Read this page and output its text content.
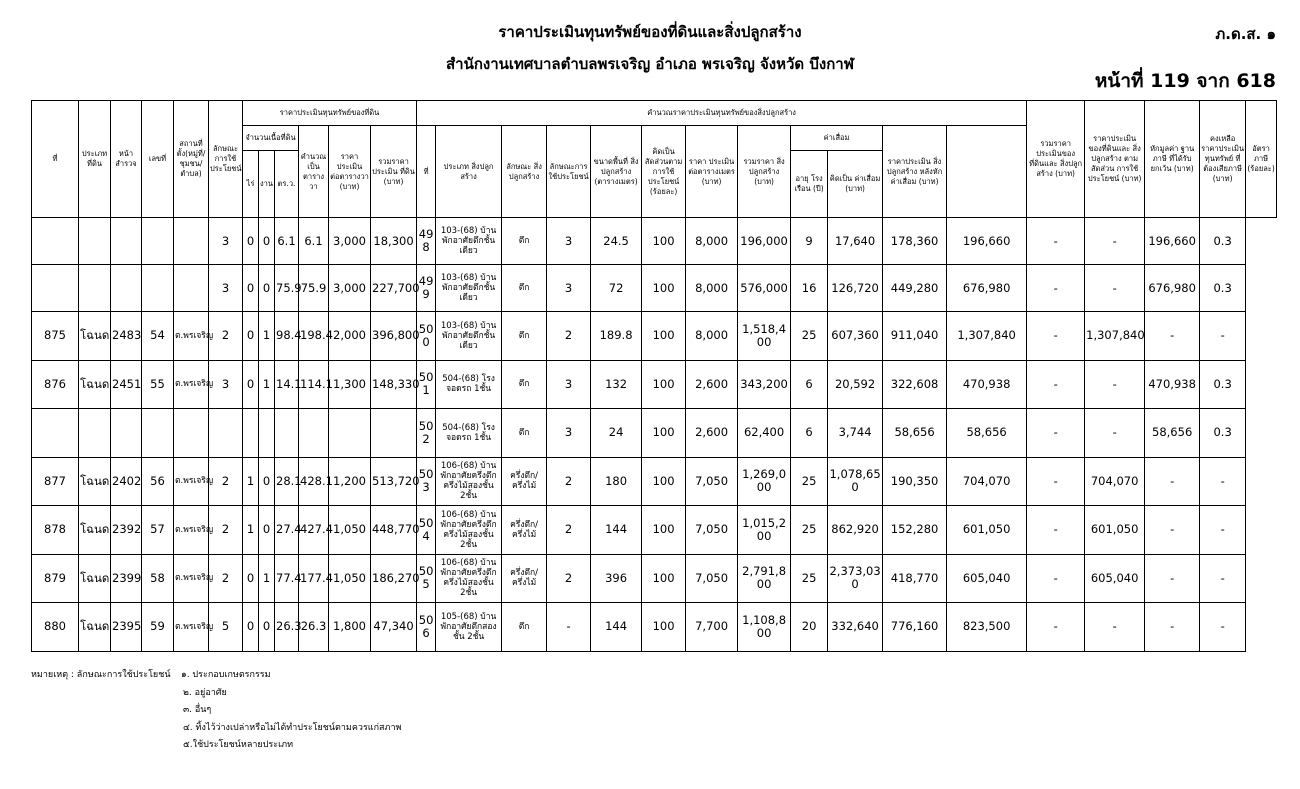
ราคาประเมินทุนทรัพย์ของที่ดินและสิ่งปลูกสร้าง
สำนักงานเทศบาลตำบลพรเจริญ อำเภอ พรเจริญ จังหวัด บึงกาฬ
ภ.ด.ส. ๑
หน้าที่ 119 จาก 618
ที่	ประเภท ที่ดิน	หน้า สำรวจ	เลขที่	สถานที่ตั้ง(หมู่ที่/ชุมชน/ตำบล)	ลักษณะ การใช้ ประโยชน์	ราคาประเมินทุนทรัพย์ของที่ดิน						คำนวณราคาประเมินทุนทรัพย์ของสิ่งปลูกสร้าง												รวมราคา ประเมินของ ที่ดินและ สิ่งปลูกสร้าง (บาท)	ราคาประเมิน ของที่ดินและ สิ่งปลูกสร้าง ตามสัดส่วน การใช้ประโยชน์ (บาท)	หักมูลค่า ฐานภาษี ที่ได้รับ ยกเว้น (บาท)	คงเหลือ ราคาประเมิน ทุนทรัพย์ ที่ต้องเสียภาษี (บาท)	อัตราภาษี (ร้อยละ)
						จำนวนเนื้อที่ดิน			คำนวณ เป็น ตารางวา	ราคา ประเมิน ต่อตารางวา (บาท)	รวมราคา ประเมิน ที่ดิน (บาท)	ที่	ประเภท สิ่งปลูกสร้าง	ลักษณะ สิ่งปลูกสร้าง	ลักษณะการ ใช้ประโยชน์	ขนาดพื้นที่ สิ่งปลูกสร้าง (ตารางเมตร)	คิดเป็น สัดส่วนตาม การใช้ ประโยชน์ (ร้อยละ)	ราคา ประเมิน ต่อตารางเมตร (บาท)	รวมราคา สิ่งปลูกสร้าง (บาท)	ค่าเสื่อม		ราคาประเมิน สิ่งปลูกสร้าง หลังหัก ค่าเสื่อม (บาท)						
						ไร่	งาน	ตร.ว.												อายุ โรงเรือน (ปี)	คิดเป็น ค่าเสื่อม (บาท)							
					3	0	0	6.1	6.1	3,000	18,300	498	103-(68) บ้านพักอาศัยตึกชั้นเดียว	ตึก	3	24.5	100	8,000	196,000	9	17,640	178,360	196,660	-	-	196,660	0.3	
					3	0	0	75.9	75.9	3,000	227,700	499	103-(68) บ้านพักอาศัยตึกชั้นเดียว	ตึก	3	72	100	8,000	576,000	16	126,720	449,280	676,980	-	-	676,980	0.3	
875	โฉนด	2483	54	ต.พรเจริญ	2	0	1	98.4	198.4	2,000	396,800	500	103-(68) บ้านพักอาศัยตึกชั้นเดียว	ตึก	2	189.8	100	8,000	1,518,400	25	607,360	911,040	1,307,840	-	1,307,840	-	-	
876	โฉนด	2451	55	ต.พรเจริญ	3	0	1	14.1	114.1	1,300	148,330	501	504-(68) โรงจอดรถ 1ชั้น	ตึก	3	132	100	2,600	343,200	6	20,592	322,608	470,938	-	-	470,938	0.3	
												502	504-(68) โรงจอดรถ 1ชั้น	ตึก	3	24	100	2,600	62,400	6	3,744	58,656	58,656	-	-	58,656	0.3	
877	โฉนด	2402	56	ต.พรเจริญ	2	1	0	28.1	428.1	1,200	513,720	503	106-(68) บ้านพักอาศัยครึ่งตึกครึ่งไม้สองชั้น 2ชั้น	ครึ่งตึก/ครึ่งไม้	2	180	100	7,050	1,269,000	25	1,078,650	190,350	704,070	-	704,070	-	-	
878	โฉนด	2392	57	ต.พรเจริญ	2	1	0	27.4	427.4	1,050	448,770	504	106-(68) บ้านพักอาศัยครึ่งตึกครึ่งไม้สองชั้น 2ชั้น	ครึ่งตึก/ครึ่งไม้	2	144	100	7,050	1,015,200	25	862,920	152,280	601,050	-	601,050	-	-	
879	โฉนด	2399	58	ต.พรเจริญ	2	0	1	77.4	177.4	1,050	186,270	505	106-(68) บ้านพักอาศัยครึ่งตึกครึ่งไม้สองชั้น 2ชั้น	ครึ่งตึก/ครึ่งไม้	2	396	100	7,050	2,791,800	25	2,373,030	418,770	605,040	-	605,040	-	-	
880	โฉนด	2395	59	ต.พรเจริญ	5	0	0	26.3	26.3	1,800	47,340	506	105-(68) บ้านพักอาศัยตึกสองชั้น 2ชั้น	ตึก	-	144	100	7,700	1,108,800	20	332,640	776,160	823,500	-	-	-	-	
หมายเหตุ : ลักษณะการใช้ประโยชน์ ๑. ประกอบเกษตรกรรม
๒. อยู่อาศัย
๓. อื่นๆ
๔. ทิ้งไว้ว่างเปล่าหรือไม่ได้ทำประโยชน์ตามควรแก่สภาพ
๕.ใช้ประโยชน์หลายประเภท
